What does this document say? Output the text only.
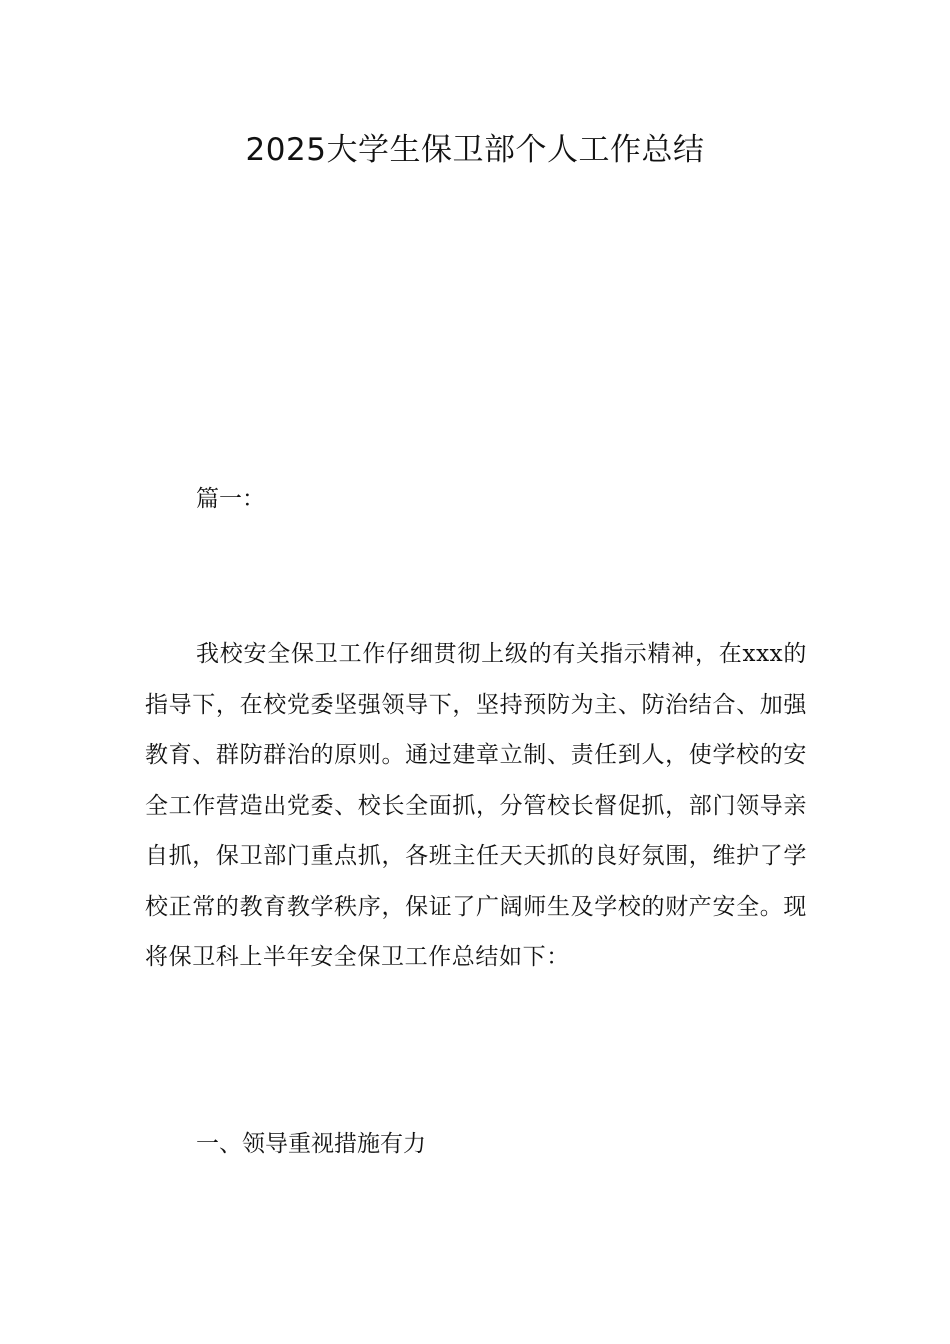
2025大学生保卫部个人工作总结

篇一：

我校安全保卫工作仔细贯彻上级的有关指示精神，在xxx的指导下，在校党委坚强领导下，坚持预防为主、防治结合、加强教育、群防群治的原则。通过建章立制、责任到人，使学校的安全工作营造出党委、校长全面抓，分管校长督促抓，部门领导亲自抓，保卫部门重点抓，各班主任天天抓的良好氛围，维护了学校正常的教育教学秩序，保证了广阔师生及学校的财产安全。现将保卫科上半年安全保卫工作总结如下：

一、领导重视措施有力
